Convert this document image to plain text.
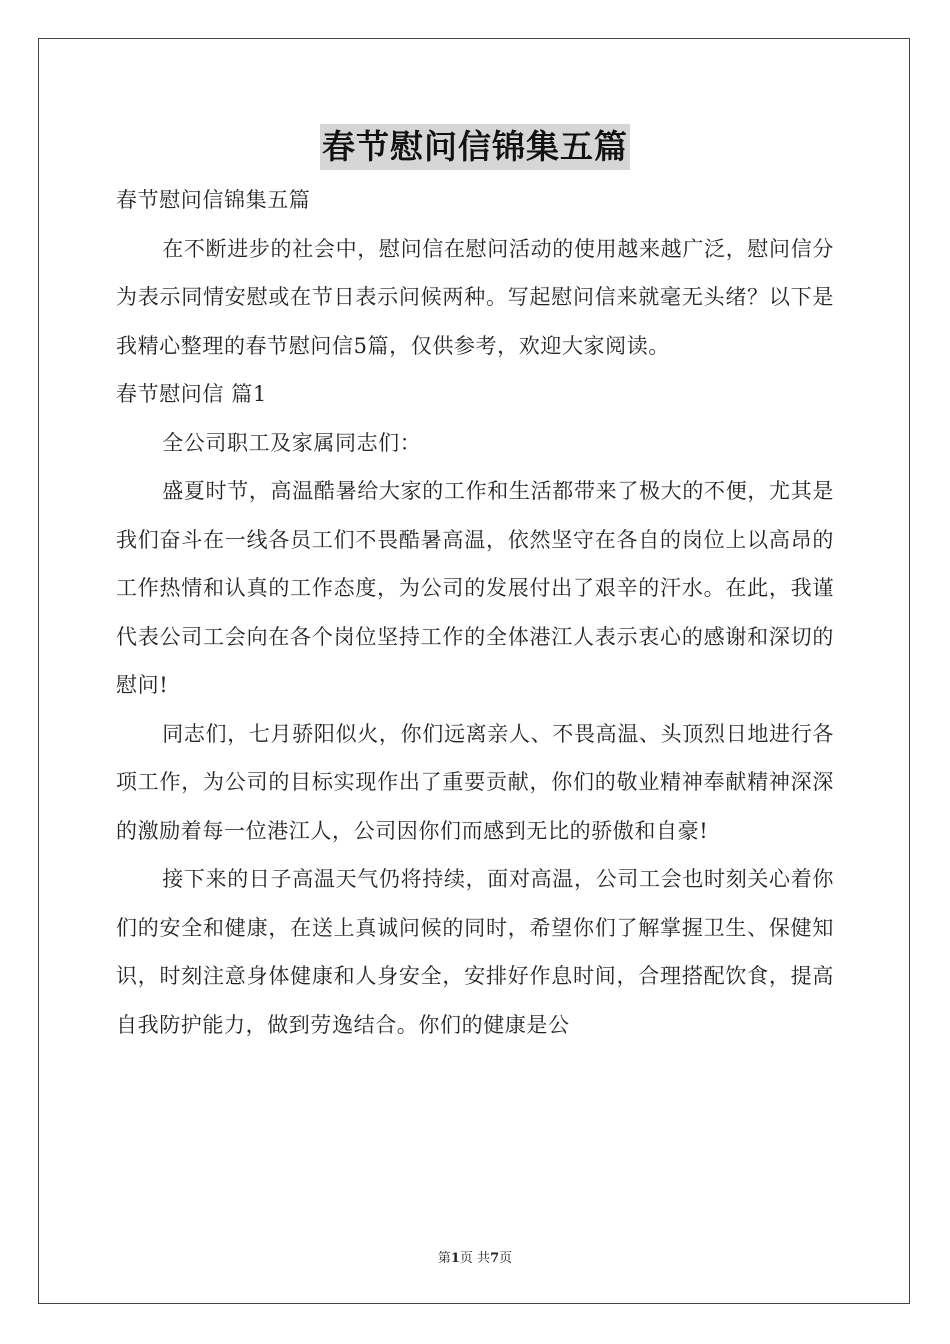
春节慰问信锦集五篇

春节慰问信锦集五篇

在不断进步的社会中，慰问信在慰问活动的使用越来越广泛，慰问信分为表示同情安慰或在节日表示问候两种。写起慰问信来就毫无头绪？以下是我精心整理的春节慰问信5篇，仅供参考，欢迎大家阅读。

春节慰问信 篇1

全公司职工及家属同志们：

盛夏时节，高温酷暑给大家的工作和生活都带来了极大的不便，尤其是我们奋斗在一线各员工们不畏酷暑高温，依然坚守在各自的岗位上以高昂的工作热情和认真的工作态度，为公司的发展付出了艰辛的汗水。在此，我谨代表公司工会向在各个岗位坚持工作的全体港江人表示衷心的感谢和深切的慰问!

同志们，七月骄阳似火，你们远离亲人、不畏高温、头顶烈日地进行各项工作，为公司的目标实现作出了重要贡献，你们的敬业精神奉献精神深深的激励着每一位港江人，公司因你们而感到无比的骄傲和自豪!

接下来的日子高温天气仍将持续，面对高温，公司工会也时刻关心着你们的安全和健康，在送上真诚问候的同时，希望你们了解掌握卫生、保健知识，时刻注意身体健康和人身安全，安排好作息时间，合理搭配饮食，提高自我防护能力，做到劳逸结合。你们的健康是公

第1页 共7页
